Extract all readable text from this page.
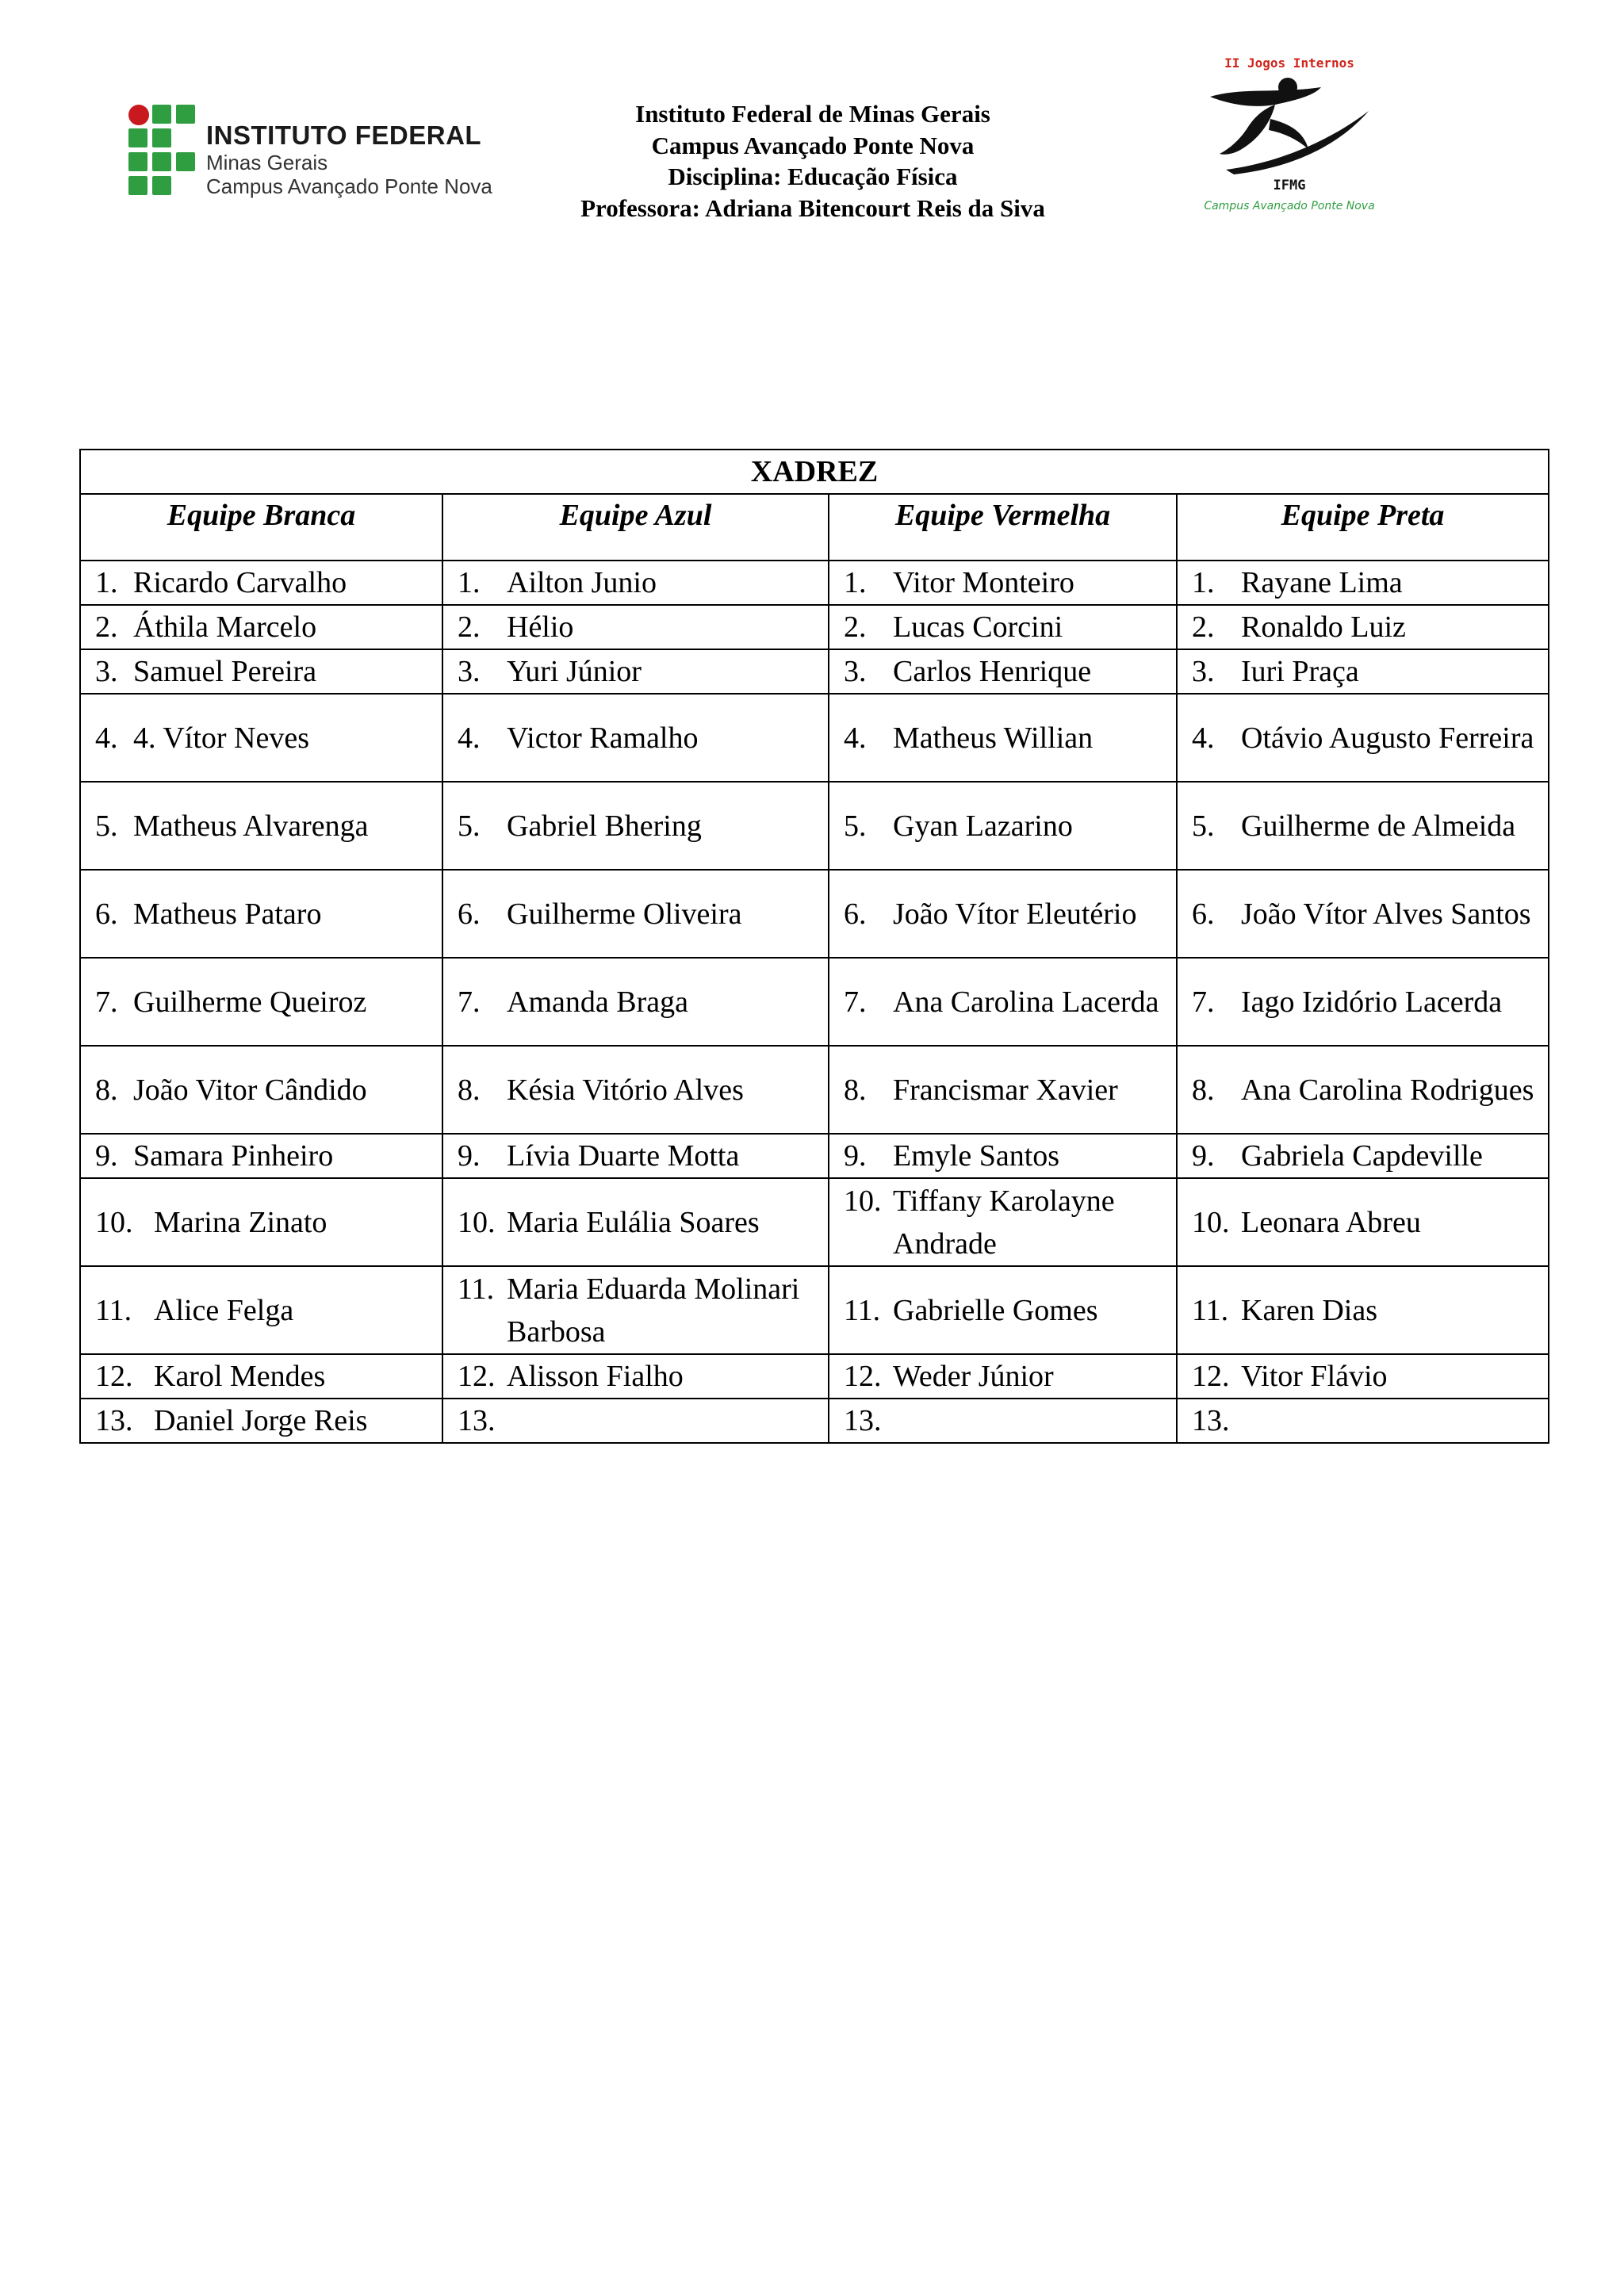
INSTITUTO FEDERAL
Minas Gerais
Campus Avançado Ponte Nova
Instituto Federal de Minas Gerais
Campus Avançado Ponte Nova
Disciplina: Educação Física
Professora: Adriana Bitencourt Reis da Siva
II Jogos Internos
IFMG
Campus Avançado Ponte Nova
XADREZ			
Equipe Branca	Equipe Azul	Equipe Vermelha	Equipe Preta

1. Ricardo Carvalho	1. Ailton Junio	1. Vitor Monteiro	1. Rayane Lima

2. Áthila Marcelo	2. Hélio	2. Lucas Corcini	2. Ronaldo Luiz

3. Samuel Pereira	3. Yuri Júnior	3. Carlos Henrique	3. Iuri Praça

4. 4. Vítor Neves	4. Victor Ramalho	4. Matheus Willian	4. Otávio Augusto Ferreira

5. Matheus Alvarenga	5. Gabriel Bhering	5. Gyan Lazarino	5. Guilherme de Almeida

6. Matheus Pataro	6. Guilherme Oliveira	6. João Vítor Eleutério	6. João Vítor Alves Santos

7. Guilherme Queiroz	7. Amanda Braga	7. Ana Carolina Lacerda	7. Iago Izidório Lacerda

8. João Vitor Cândido	8. Késia Vitório Alves	8. Francismar Xavier	8. Ana Carolina Rodrigues

9. Samara Pinheiro	9. Lívia Duarte Motta	9. Emyle Santos	9. Gabriela Capdeville

10. Marina Zinato	10. Maria Eulália Soares	10. Tiffany Karolayne Andrade	10. Leonara Abreu

11. Alice Felga	11. Maria Eduarda Molinari Barbosa	11. Gabrielle Gomes	11. Karen Dias

12. Karol Mendes	12. Alisson Fialho	12. Weder Júnior	12. Vitor Flávio

13. Daniel Jorge Reis	13.	13.	13.
